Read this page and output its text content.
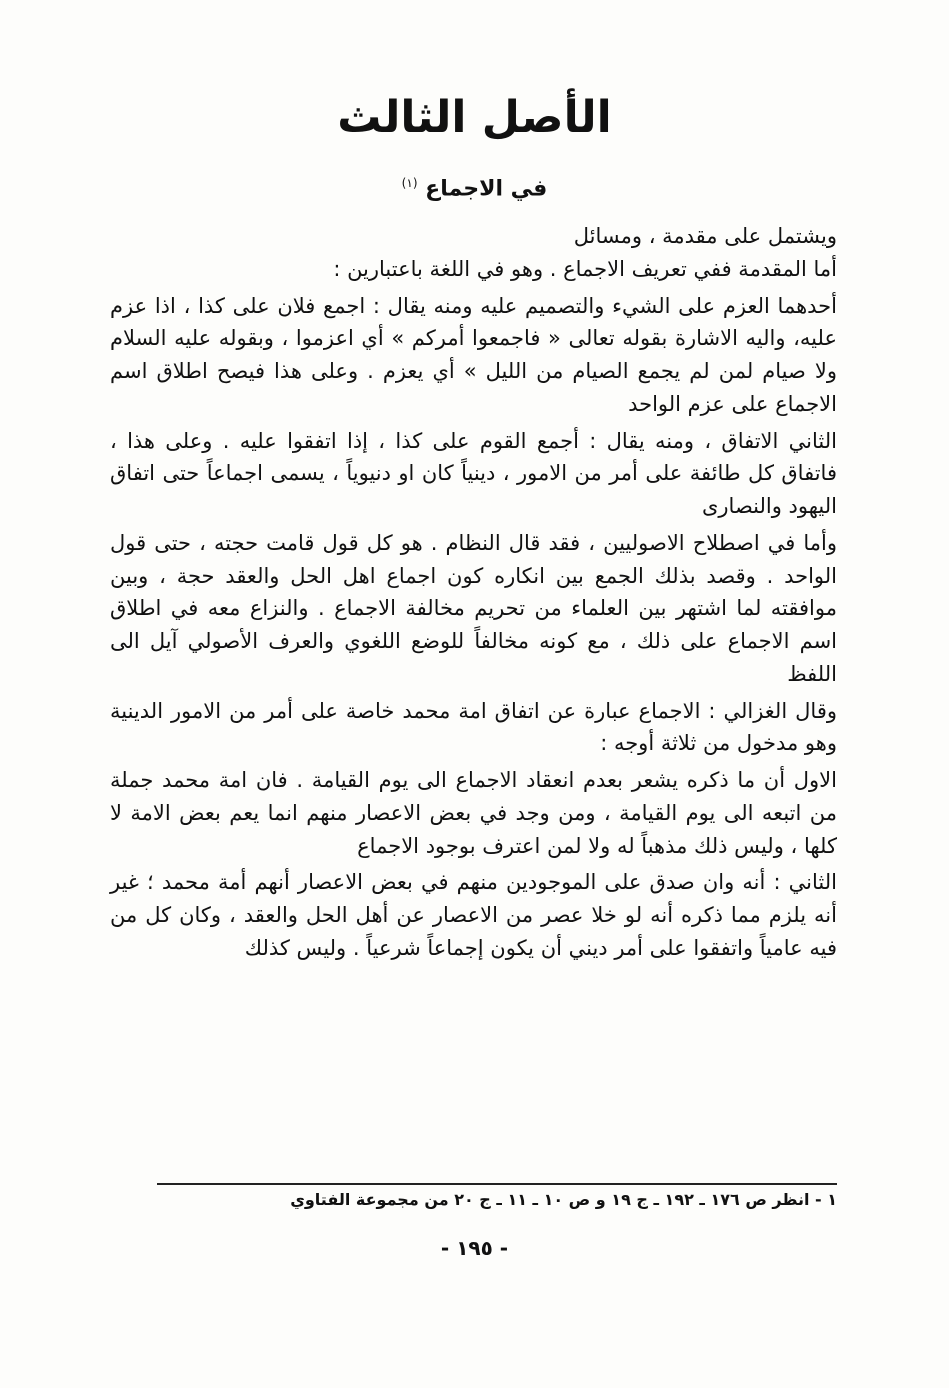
الأصل الثالث
في الاجماع $^{(١)}$

ويشتمل على مقدمة ، ومسائل

أما المقدمة ففي تعريف الاجماع . وهو في اللغة باعتبارين :

أحدهما العزم على الشيء والتصميم عليه ومنه يقال : اجمع فلان على كذا ، اذا عزم عليه، واليه الاشارة بقوله تعالى « فاجمعوا أمركم » أي اعزموا ، وبقوله عليه السلام ولا صيام لمن لم يجمع الصيام من الليل » أي يعزم . وعلى هذا فيصح اطلاق اسم الاجماع على عزم الواحد

الثاني الاتفاق ، ومنه يقال : أجمع القوم على كذا ، إذا اتفقوا عليه . وعلى هذا ، فاتفاق كل طائفة على أمر من الامور ، دينياً كان او دنيوياً ، يسمى اجماعاً حتى اتفاق اليهود والنصارى

وأما في اصطلاح الاصوليين ، فقد قال النظام . هو كل قول قامت حجته ، حتى قول الواحد . وقصد بذلك الجمع بين انكاره كون اجماع اهل الحل والعقد حجة ، وبين موافقته لما اشتهر بين العلماء من تحريم مخالفة الاجماع . والنزاع معه في اطلاق اسم الاجماع على ذلك ، مع كونه مخالفاً للوضع اللغوي والعرف الأصولي آيل الى اللفظ

وقال الغزالي : الاجماع عبارة عن اتفاق امة محمد خاصة على أمر من الامور الدينية وهو مدخول من ثلاثة أوجه :

الاول أن ما ذكره يشعر بعدم انعقاد الاجماع الى يوم القيامة . فان امة محمد جملة من اتبعه الى يوم القيامة ، ومن وجد في بعض الاعصار منهم انما يعم بعض الامة لا كلها ، وليس ذلك مذهباً له ولا لمن اعترف بوجود الاجماع

الثاني : أنه وان صدق على الموجودين منهم في بعض الاعصار أنهم أمة محمد ؛ غير أنه يلزم مما ذكره أنه لو خلا عصر من الاعصار عن أهل الحل والعقد ، وكان كل من فيه عامياً واتفقوا على أمر ديني أن يكون إجماعاً شرعياً . وليس كذلك

١ - انظر ص ١٧٦ ـ ١٩٢ ـ ج ١٩ و ص ١٠ ـ ١١ ـ ج ٢٠ من مجموعة الفتاوي
- ١٩٥ -
